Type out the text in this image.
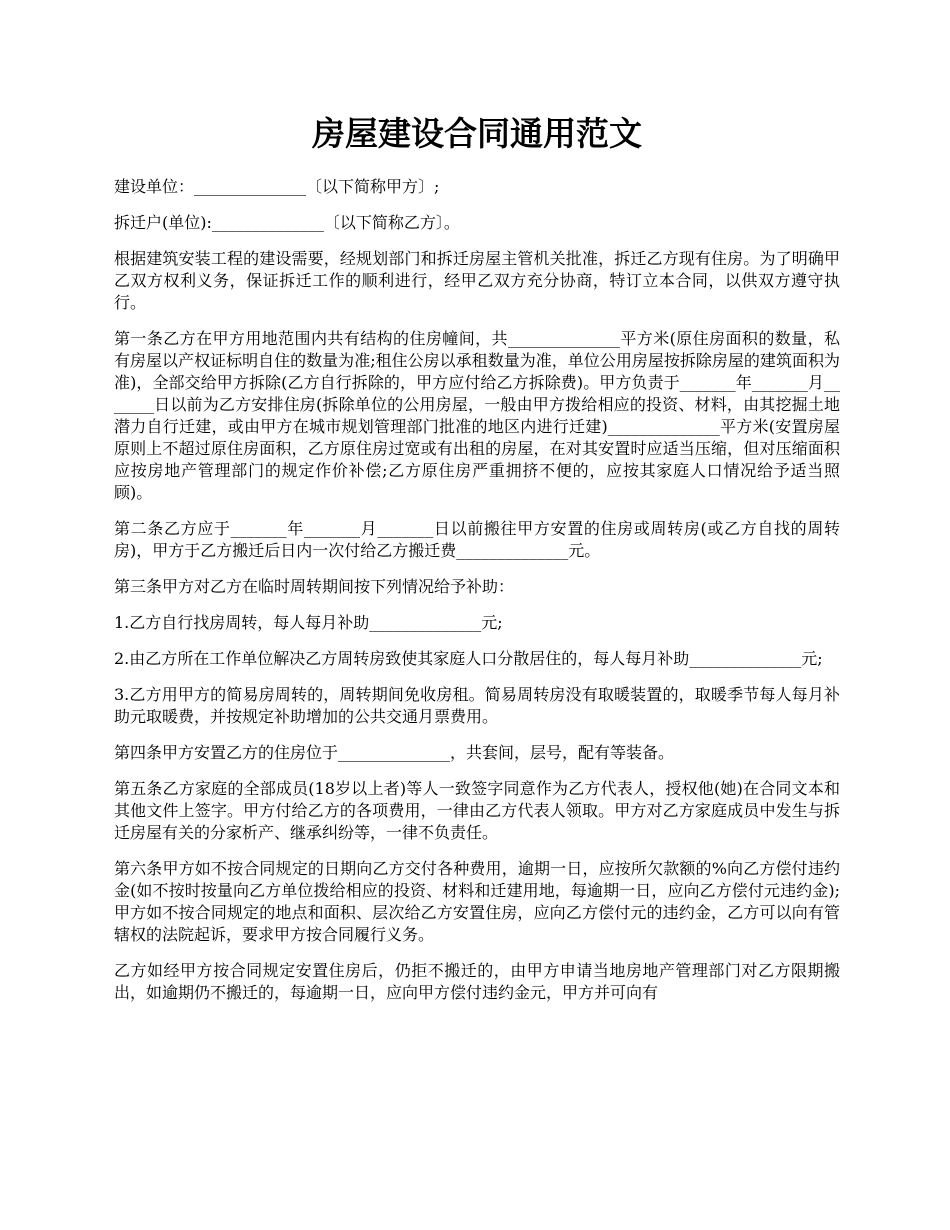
房屋建设合同通用范文

建设单位：______________〔以下简称甲方〕;

拆迁户(单位):______________〔以下简称乙方〕。

根据建筑安装工程的建设需要，经规划部门和拆迁房屋主管机关批准，拆迁乙方现有住房。为了明确甲乙双方权利义务，保证拆迁工作的顺利进行，经甲乙双方充分协商，特订立本合同，以供双方遵守执行。

第一条乙方在甲方用地范围内共有结构的住房幢间，共______________平方米(原住房面积的数量，私有房屋以产权证标明自住的数量为准;租住公房以承租数量为准，单位公用房屋按拆除房屋的建筑面积为准)，全部交给甲方拆除(乙方自行拆除的，甲方应付给乙方拆除费)。甲方负责于_______年_______月_______日以前为乙方安排住房(拆除单位的公用房屋，一般由甲方拨给相应的投资、材料，由其挖掘土地潜力自行迁建，或由甲方在城市规划管理部门批准的地区内进行迁建)______________平方米(安置房屋原则上不超过原住房面积，乙方原住房过宽或有出租的房屋，在对其安置时应适当压缩，但对压缩面积应按房地产管理部门的规定作价补偿;乙方原住房严重拥挤不便的，应按其家庭人口情况给予适当照顾)。

第二条乙方应于_______年_______月_______日以前搬往甲方安置的住房或周转房(或乙方自找的周转房)，甲方于乙方搬迁后日内一次付给乙方搬迁费______________元。

第三条甲方对乙方在临时周转期间按下列情况给予补助：

1.乙方自行找房周转，每人每月补助______________元;

2.由乙方所在工作单位解决乙方周转房致使其家庭人口分散居住的，每人每月补助______________元;

3.乙方用甲方的简易房周转的，周转期间免收房租。简易周转房没有取暖装置的，取暖季节每人每月补助元取暖费，并按规定补助增加的公共交通月票费用。

第四条甲方安置乙方的住房位于______________，共套间，层号，配有等装备。

第五条乙方家庭的全部成员(18岁以上者)等人一致签字同意作为乙方代表人，授权他(她)在合同文本和其他文件上签字。甲方付给乙方的各项费用，一律由乙方代表人领取。甲方对乙方家庭成员中发生与拆迁房屋有关的分家析产、继承纠纷等，一律不负责任。

第六条甲方如不按合同规定的日期向乙方交付各种费用，逾期一日，应按所欠款额的%向乙方偿付违约金(如不按时按量向乙方单位拨给相应的投资、材料和迁建用地，每逾期一日，应向乙方偿付元违约金);甲方如不按合同规定的地点和面积、层次给乙方安置住房，应向乙方偿付元的违约金，乙方可以向有管辖权的法院起诉，要求甲方按合同履行义务。

乙方如经甲方按合同规定安置住房后，仍拒不搬迁的，由甲方申请当地房地产管理部门对乙方限期搬出，如逾期仍不搬迁的，每逾期一日，应向甲方偿付违约金元，甲方并可向有
